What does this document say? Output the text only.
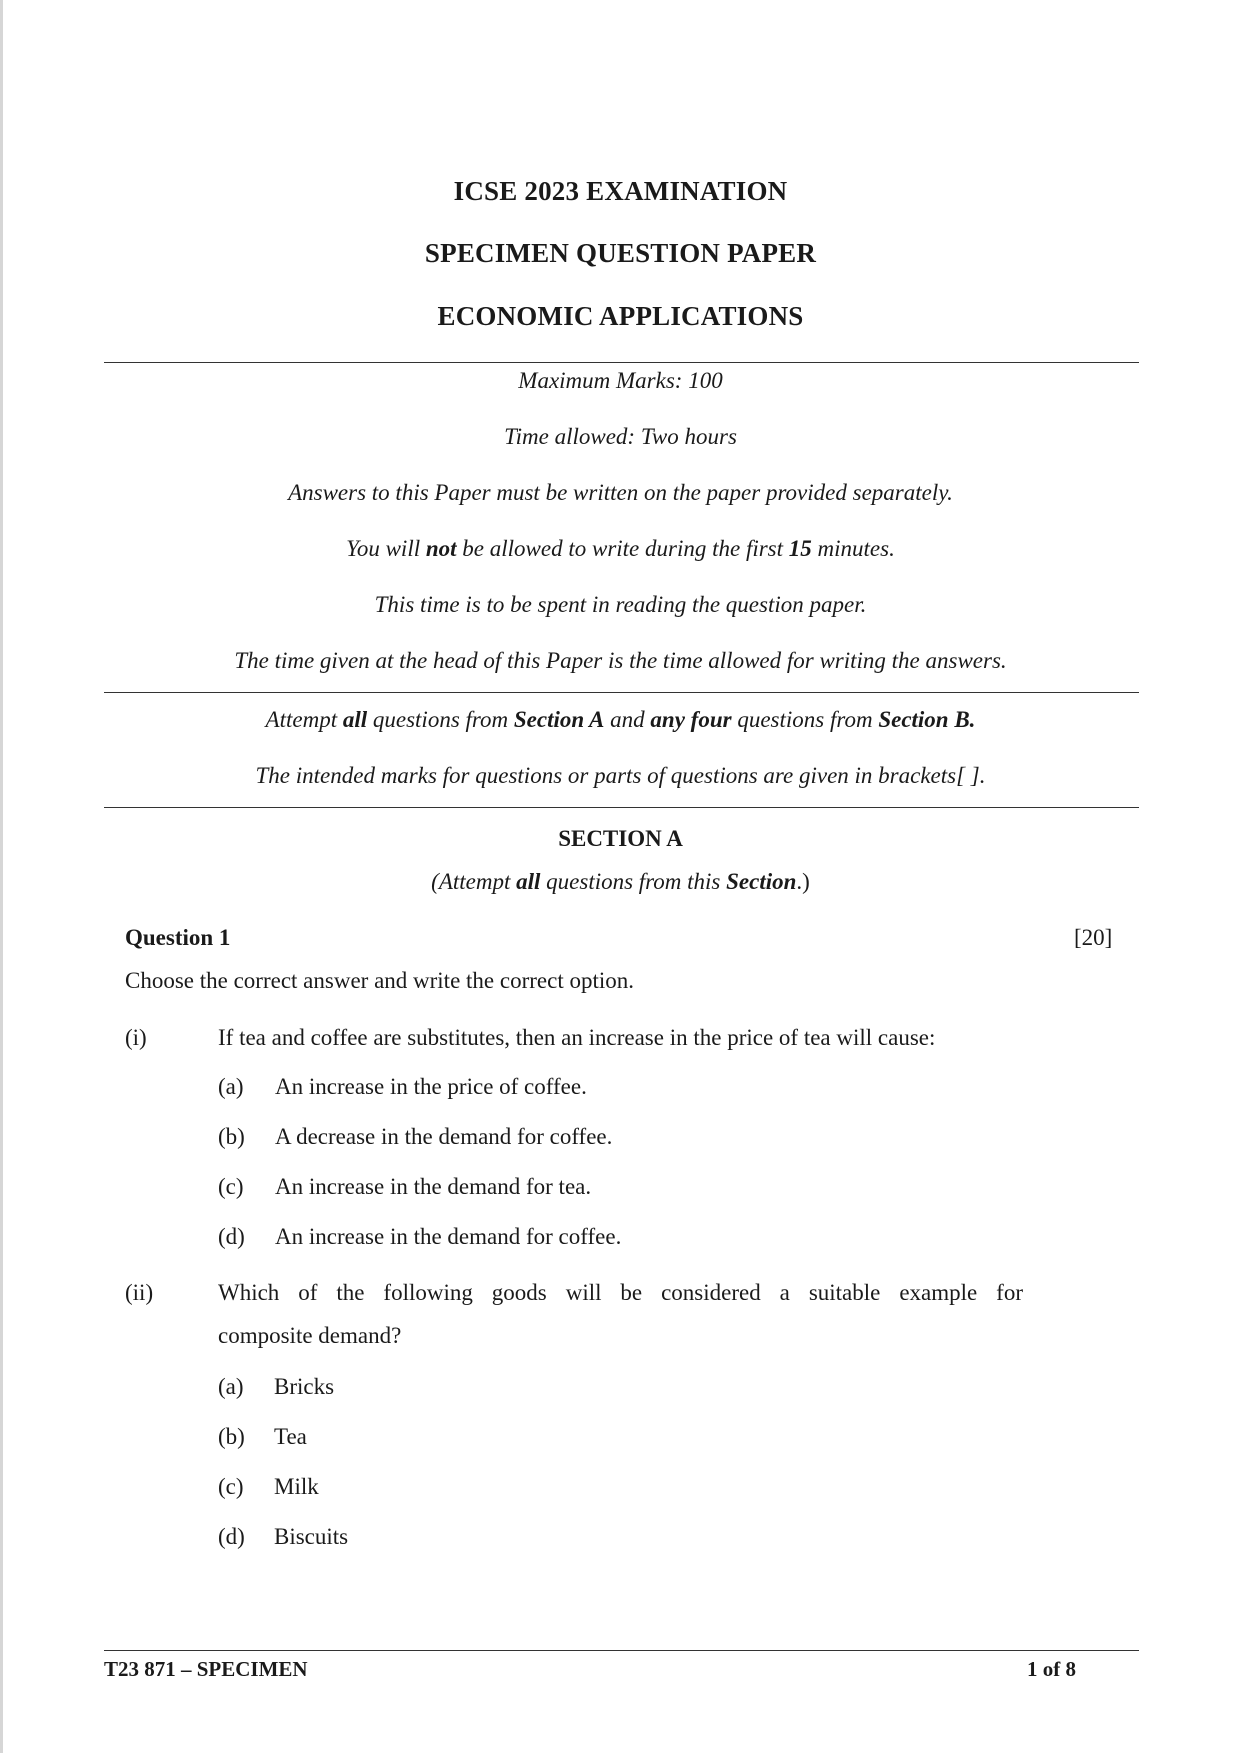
ICSE 2023 EXAMINATION
SPECIMEN QUESTION PAPER
ECONOMIC APPLICATIONS
Maximum Marks: 100
Time allowed: Two hours
Answers to this Paper must be written on the paper provided separately.
You will not be allowed to write during the first 15 minutes.
This time is to be spent in reading the question paper.
The time given at the head of this Paper is the time allowed for writing the answers.
Attempt all questions from Section A and any four questions from Section B.
The intended marks for questions or parts of questions are given in brackets[ ].
SECTION A
(Attempt all questions from this Section.)
Question 1	[20]
Choose the correct answer and write the correct option.
(i)	If tea and coffee are substitutes, then an increase in the price of tea will cause:
(a) An increase in the price of coffee.
(b) A decrease in the demand for coffee.
(c) An increase in the demand for tea.
(d) An increase in the demand for coffee.
(ii)	Which of the following goods will be considered a suitable example for
composite demand?
(a) Bricks
(b) Tea
(c) Milk
(d) Biscuits
T23 871 – SPECIMEN	1 of 8
